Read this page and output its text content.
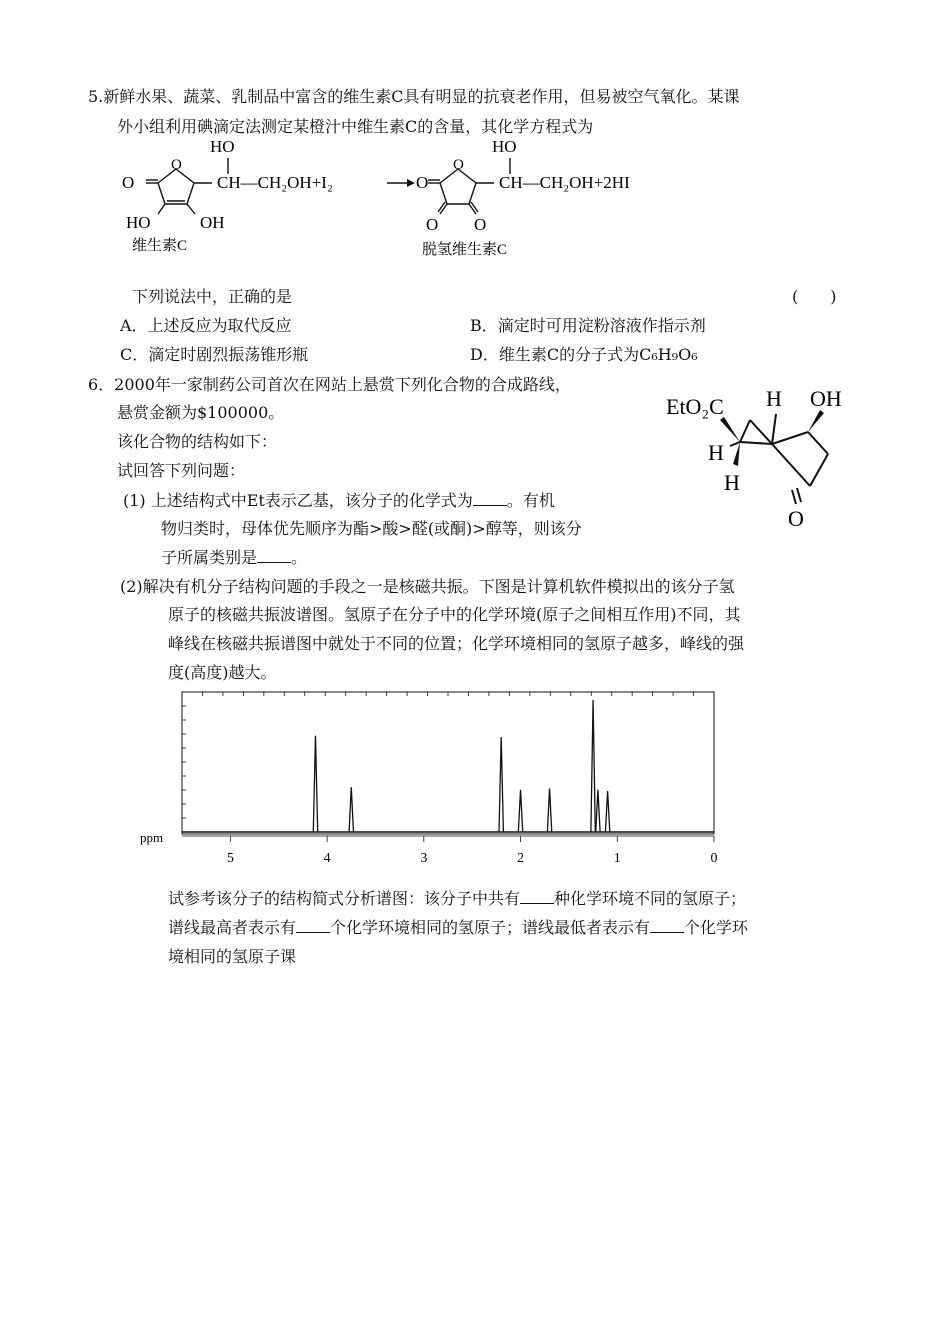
5.新鲜水果、蔬菜、乳制品中富含的维生素C具有明显的抗衰老作用，但易被空气氧化。某课
外小组利用碘滴定法测定某橙汁中维生素C的含量，其化学方程式为
O
O
HO	OH
HO
CH—CH₂OH+I₂
维生素C
O
O
O O
HO
CH—CH₂OH+2HI
脱氢维生素C
下列说法中，正确的是	(　　)
A．上述反应为取代反应	B．滴定时可用淀粉溶液作指示剂
C．滴定时剧烈振荡锥形瓶	D．维生素C的分子式为C₆H₉O₆
6．2000年一家制药公司首次在网站上悬赏下列化合物的合成路线，
悬赏金额为$100000。
该化合物的结构如下：
试回答下列问题：
(1) 上述结构式中Et表示乙基，该分子的化学式为 。有机
物归类时，母体优先顺序为酯>酸>醛(或酮)>醇等，则该分
子所属类别是 。
(2)解决有机分子结构问题的手段之一是核磁共振。下图是计算机软件模拟出的该分子氢
原子的核磁共振波谱图。氢原子在分子中的化学环境(原子之间相互作用)不同，其
峰线在核磁共振谱图中就处于不同的位置；化学环境相同的氢原子越多，峰线的强
度(高度)越大。
EtO₂C H OH
H
H
O
5	4	3	2	1	0
ppm
试参考该分子的结构简式分析谱图：该分子中共有 种化学环境不同的氢原子；
谱线最高者表示有 个化学环境相同的氢原子；谱线最低者表示有 个化学环
境相同的氢原子课
